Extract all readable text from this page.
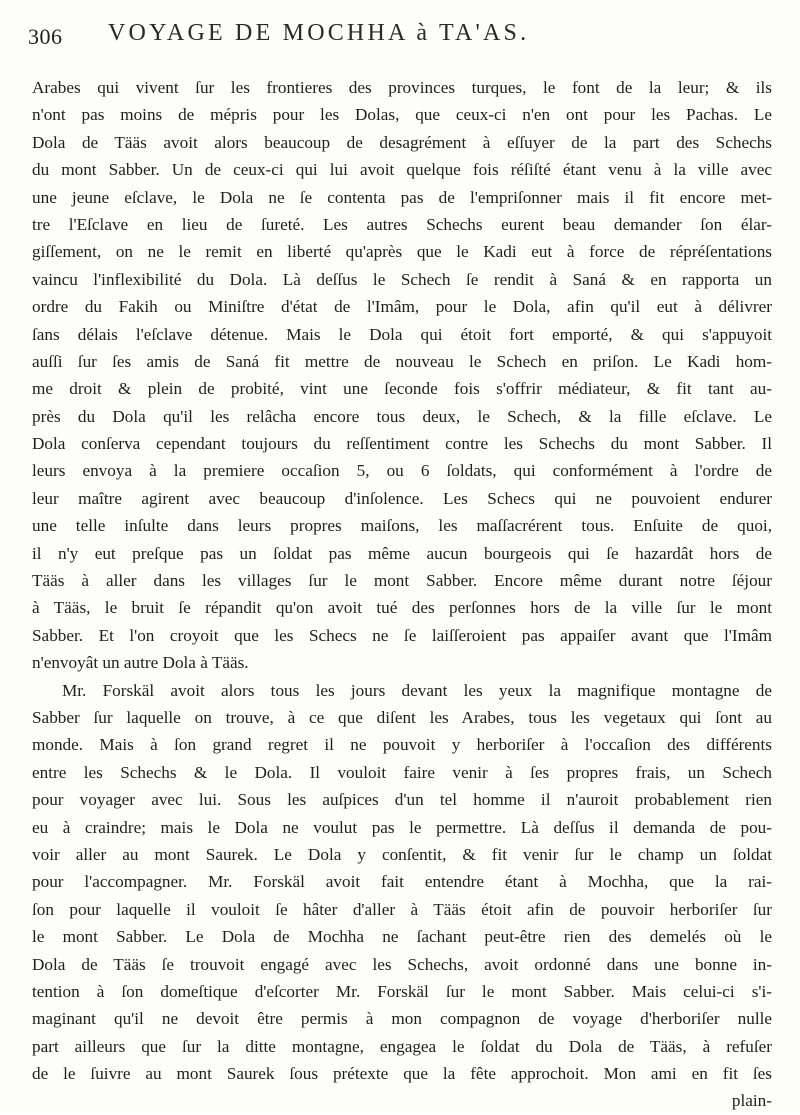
306 VOYAGE DE MOCHHA à TA'AS.
Arabes qui vivent ſur les frontieres des provinces turques, le font de la leur; & ils
n'ont pas moins de mépris pour les Dolas, que ceux-ci n'en ont pour les Pachas. Le
Dola de Tääs avoit alors beaucoup de desagrément à eſſuyer de la part des Schechs
du mont Sabber. Un de ceux-ci qui lui avoit quelque fois réſiſté étant venu à la ville avec
une jeune eſclave, le Dola ne ſe contenta pas de l'empriſonner mais il fit encore met-
tre l'Eſclave en lieu de ſureté. Les autres Schechs eurent beau demander ſon élar-
giſſement, on ne le remit en liberté qu'après que le Kadi eut à force de répréſentations
vaincu l'inflexibilité du Dola. Là deſſus le Schech ſe rendit à Saná & en rapporta un
ordre du Fakih ou Miniſtre d'état de l'Imâm, pour le Dola, afin qu'il eut à délivrer
ſans délais l'eſclave détenue. Mais le Dola qui étoit fort emporté, & qui s'appuyoit
auſſi ſur ſes amis de Saná fit mettre de nouveau le Schech en priſon. Le Kadi hom-
me droit & plein de probité, vint une ſeconde fois s'offrir médiateur, & fit tant au-
près du Dola qu'il les relâcha encore tous deux, le Schech, & la fille eſclave. Le
Dola conſerva cependant toujours du reſſentiment contre les Schechs du mont Sabber. Il
leurs envoya à la premiere occaſion 5, ou 6 ſoldats, qui conformément à l'ordre de
leur maître agirent avec beaucoup d'inſolence. Les Schecs qui ne pouvoient endurer
une telle inſulte dans leurs propres maiſons, les maſſacrérent tous. Enſuite de quoi,
il n'y eut preſque pas un ſoldat pas même aucun bourgeois qui ſe hazardât hors de
Tääs à aller dans les villages ſur le mont Sabber. Encore même durant notre ſéjour
à Tääs, le bruit ſe répandit qu'on avoit tué des perſonnes hors de la ville ſur le mont
Sabber. Et l'on croyoit que les Schecs ne ſe laiſſeroient pas appaiſer avant que l'Imâm
n'envoyât un autre Dola à Tääs.
Mr. Forskäl avoit alors tous les jours devant les yeux la magnifique montagne de
Sabber ſur laquelle on trouve, à ce que diſent les Arabes, tous les vegetaux qui ſont au
monde. Mais à ſon grand regret il ne pouvoit y herboriſer à l'occaſion des différents
entre les Schechs & le Dola. Il vouloit faire venir à ſes propres frais, un Schech
pour voyager avec lui. Sous les auſpices d'un tel homme il n'auroit probablement rien
eu à craindre; mais le Dola ne voulut pas le permettre. Là deſſus il demanda de pou-
voir aller au mont Saurek. Le Dola y conſentit, & fit venir ſur le champ un ſoldat
pour l'accompagner. Mr. Forskäl avoit fait entendre étant à Mochha, que la rai-
ſon pour laquelle il vouloit ſe hâter d'aller à Tääs étoit afin de pouvoir herboriſer ſur
le mont Sabber. Le Dola de Mochha ne ſachant peut-être rien des demelés où le
Dola de Tääs ſe trouvoit engagé avec les Schechs, avoit ordonné dans une bonne in-
tention à ſon domeſtique d'eſcorter Mr. Forskäl ſur le mont Sabber. Mais celui-ci s'i-
maginant qu'il ne devoit être permis à mon compagnon de voyage d'herboriſer nulle
part ailleurs que ſur la ditte montagne, engagea le ſoldat du Dola de Tääs, à refuſer
de le ſuivre au mont Saurek ſous prétexte que la fête approchoit. Mon ami en fit ſes
plain-
